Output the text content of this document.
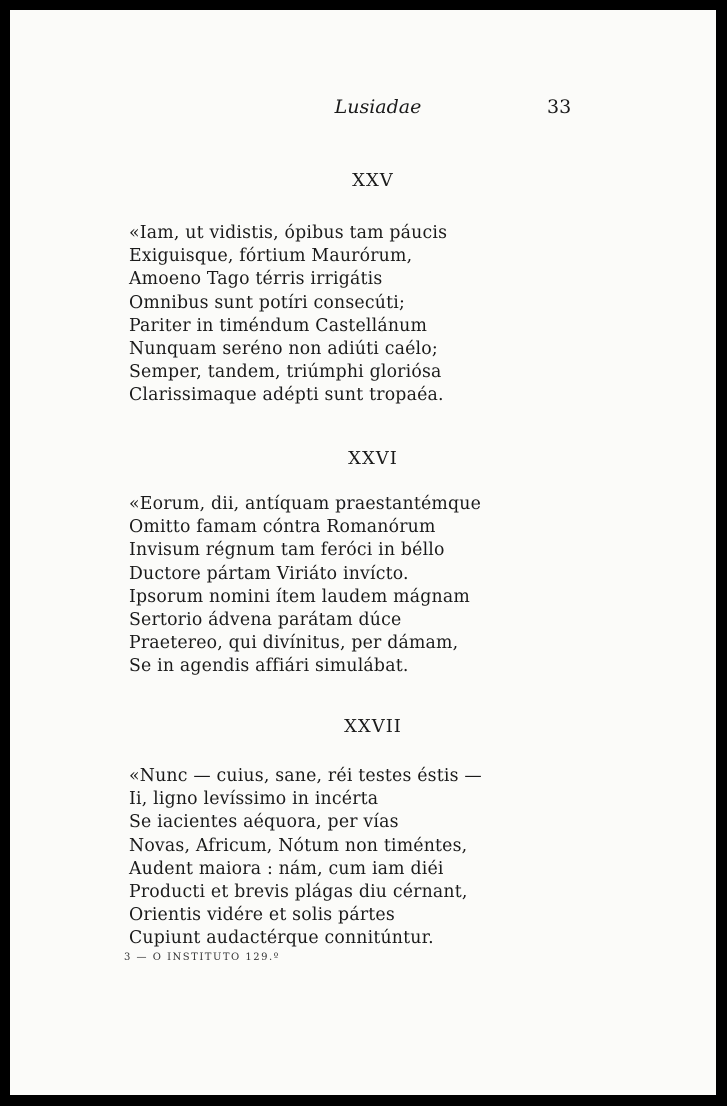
Lusiadae	33
XXV
«Iam, ut vidistis, ópibus tam páucis
Exiguisque, fórtium Maurórum,
Amoeno Tago térris irrigátis
Omnibus sunt potíri consecúti;
Pariter in timéndum Castellánum
Nunquam seréno non adiúti caélo;
Semper, tandem, triúmphi gloriósa
Clarissimaque adépti sunt tropaéa.
XXVI
«Eorum, dii, antíquam praestantémque
Omitto famam cóntra Romanórum
Invisum régnum tam feróci in béllo
Ductore pártam Viriáto invícto.
Ipsorum nomini ítem laudem mágnam
Sertorio ádvena parátam dúce
Praetereo, qui divínitus, per dámam,
Se in agendis affiári simulábat.
XXVII
«Nunc — cuius, sane, réi testes éstis —
Ii, ligno levíssimo in incérta
Se iacientes aéquora, per vías
Novas, Africum, Nótum non timéntes,
Audent maiora : nám, cum iam diéi
Producti et brevis plágas diu cérnant,
Orientis vidére et solis pártes
Cupiunt audactérque connitúntur.
3 — O INSTITUTO 129.º
